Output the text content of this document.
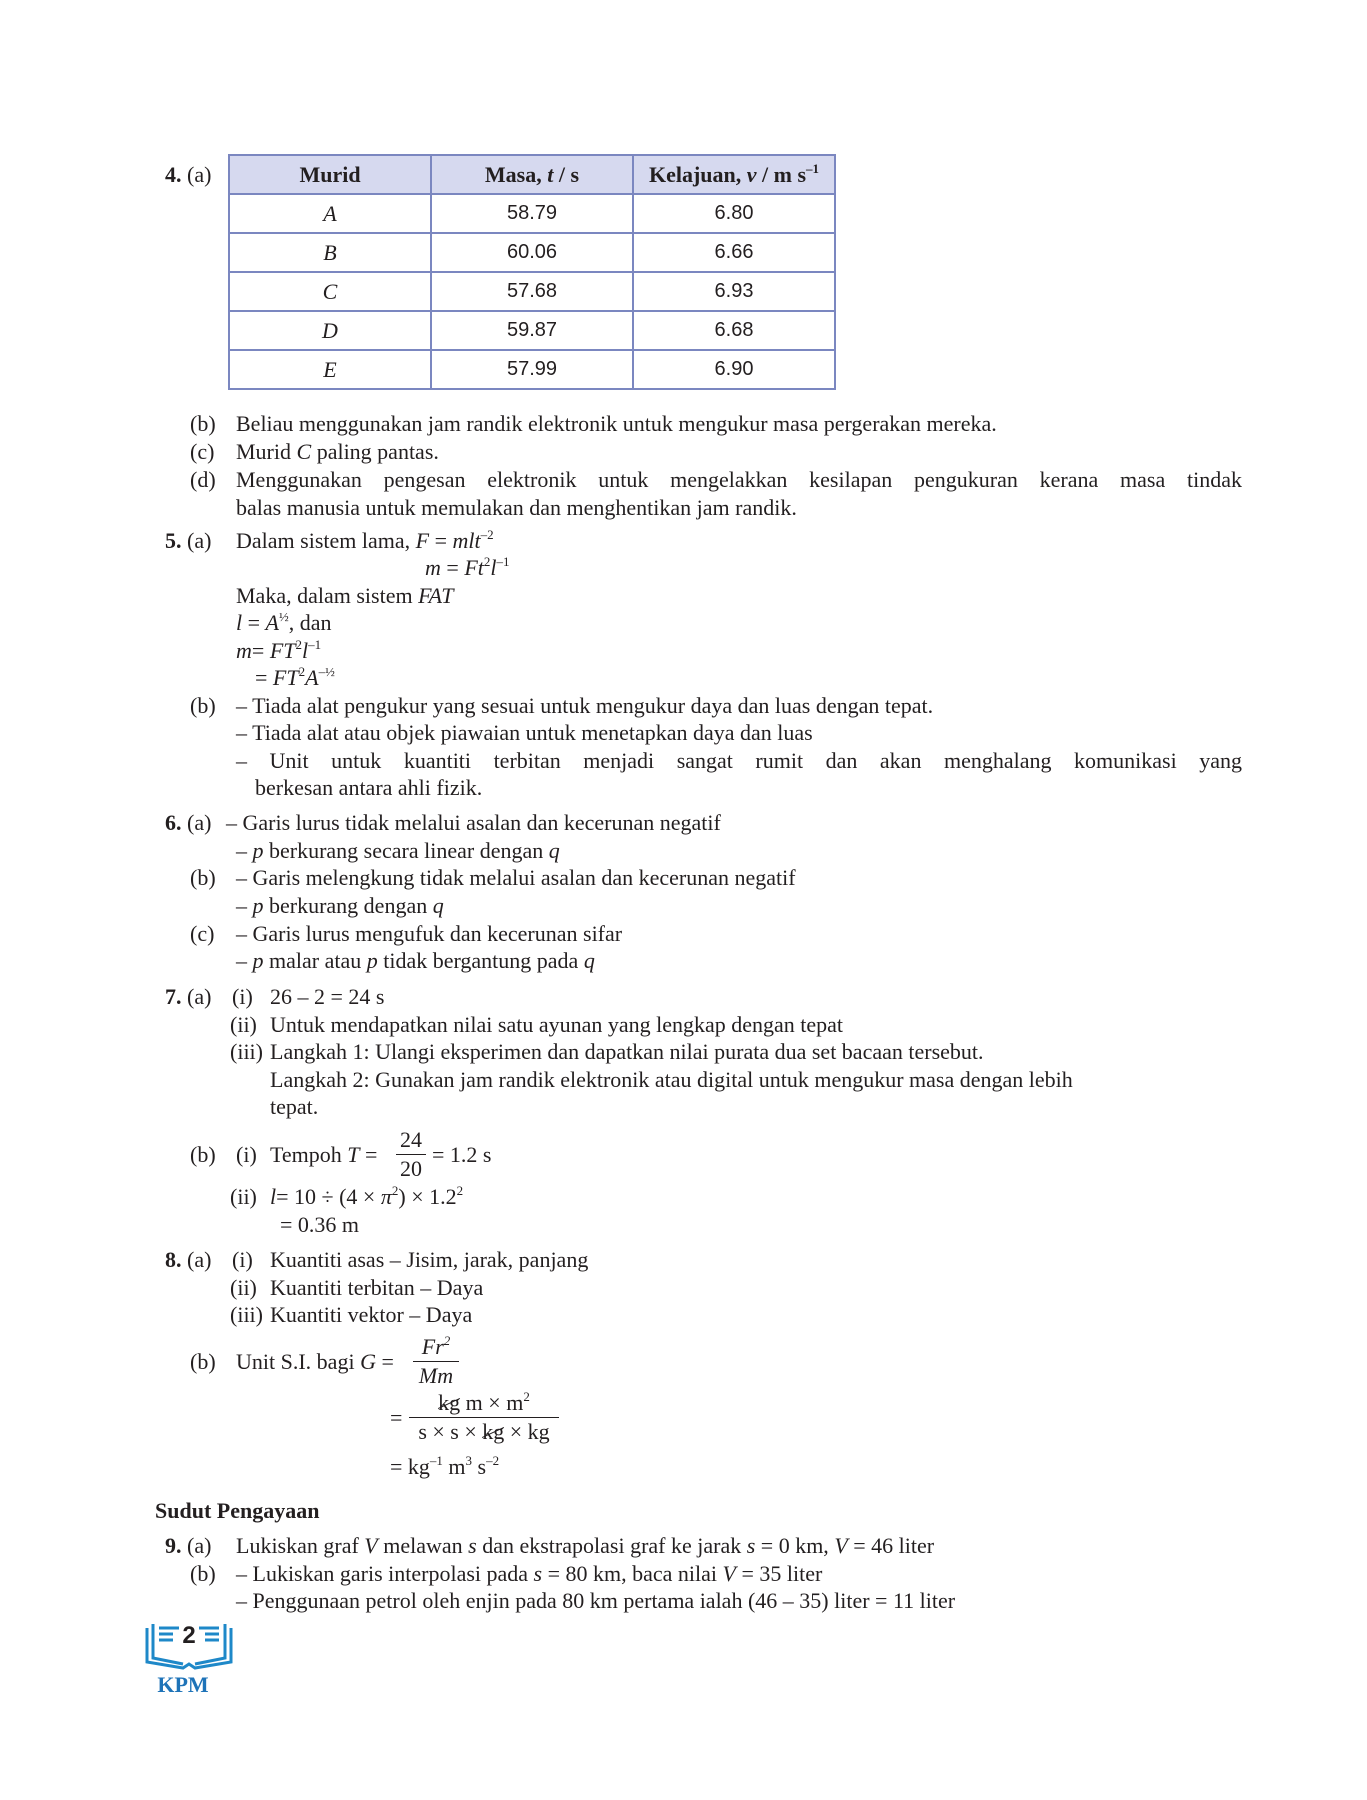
4. (a)	Murid	Masa, t / s	Kelajuan, v / m $s^{-1}$
A	58.79	6.80
B	60.06	6.66
C	57.68	6.93
D	59.87	6.68
E	57.99	6.90
(b) Beliau menggunakan jam randik elektronik untuk mengukur masa pergerakan mereka.
(c) Murid C paling pantas.
(d) Menggunakan pengesan elektronik untuk mengelakkan kesilapan pengukuran kerana masa tindak
balas manusia untuk memulakan dan menghentikan jam randik.
5. (a) Dalam sistem lama, F = mlt$^{-2}$
$m = Ft^2l^{-1}$
Maka, dalam sistem FAT
$l = A^{\frac{1}{2}}$, dan
$m= FT^2l^{-1}$
= $FT^2A^{-\frac{1}{2}}$
(b) – Tiada alat pengukur yang sesuai untuk mengukur daya dan luas dengan tepat.
– Tiada alat atau objek piawaian untuk menetapkan daya dan luas
– Unit untuk kuantiti terbitan menjadi sangat rumit dan akan menghalang komunikasi yang
berkesan antara ahli fizik.
6. (a) – Garis lurus tidak melalui asalan dan kecerunan negatif
– p berkurang secara linear dengan q
(b) – Garis melengkung tidak melalui asalan dan kecerunan negatif
– p berkurang dengan q
(c) – Garis lurus mengufuk dan kecerunan sifar
– p malar atau p tidak bergantung pada q
7. (a) (i) 26 – 2 = 24 s
(ii) Untuk mendapatkan nilai satu ayunan yang lengkap dengan tepat
(iii) Langkah 1: Ulangi eksperimen dan dapatkan nilai purata dua set bacaan tersebut.
Langkah 2: Gunakan jam randik elektronik atau digital untuk mengukur masa dengan lebih
tepat.
(b) (i) Tempoh T =
24
20
= 1.2 s
(ii) $l= 10 \div (4 \times \pi^2) \times 1.2^2$
= 0.36 m
8. (a) (i) Kuantiti asas – Jisim, jarak, panjang
(ii) Kuantiti terbitan – Daya
(iii) Kuantiti vektor – Daya
(b) Unit S.I. bagi G =
$Fr^2$
Mm
=
kg $m \times m^2$
s × s × kg × kg
= $kg^{-1}$ $m^3$ $s^{-2}$
Sudut Pengayaan
9. (a) Lukiskan graf V melawan s dan ekstrapolasi graf ke jarak s = 0 km, V = 46 liter
(b) – Lukiskan garis interpolasi pada s = 80 km, baca nilai V = 35 liter
– Penggunaan petrol oleh enjin pada 80 km pertama ialah (46 – 35) liter = 11 liter
2
KPM
